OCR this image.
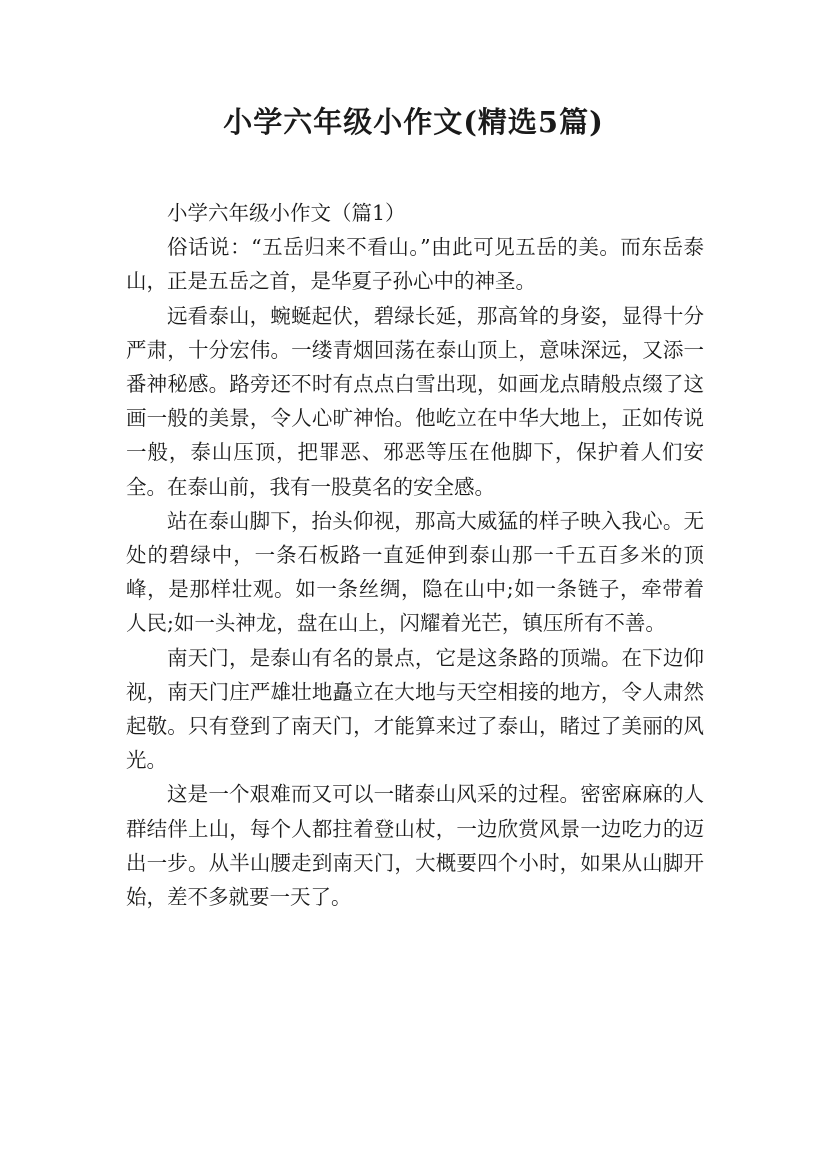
小学六年级小作文(精选5篇)

小学六年级小作文（篇1）

俗话说：“五岳归来不看山。”由此可见五岳的美。而东岳泰山，正是五岳之首，是华夏子孙心中的神圣。

远看泰山，蜿蜒起伏，碧绿长延，那高耸的身姿，显得十分严肃，十分宏伟。一缕青烟回荡在泰山顶上，意味深远，又添一番神秘感。路旁还不时有点点白雪出现，如画龙点睛般点缀了这画一般的美景，令人心旷神怡。他屹立在中华大地上，正如传说一般，泰山压顶，把罪恶、邪恶等压在他脚下，保护着人们安全。在泰山前，我有一股莫名的安全感。

站在泰山脚下，抬头仰视，那高大威猛的样子映入我心。无处的碧绿中，一条石板路一直延伸到泰山那一千五百多米的顶峰，是那样壮观。如一条丝绸，隐在山中;如一条链子，牵带着人民;如一头神龙，盘在山上，闪耀着光芒，镇压所有不善。

南天门，是泰山有名的景点，它是这条路的顶端。在下边仰视，南天门庄严雄壮地矗立在大地与天空相接的地方，令人肃然起敬。只有登到了南天门，才能算来过了泰山，睹过了美丽的风光。

这是一个艰难而又可以一睹泰山风采的过程。密密麻麻的人群结伴上山，每个人都拄着登山杖，一边欣赏风景一边吃力的迈出一步。从半山腰走到南天门，大概要四个小时，如果从山脚开始，差不多就要一天了。
